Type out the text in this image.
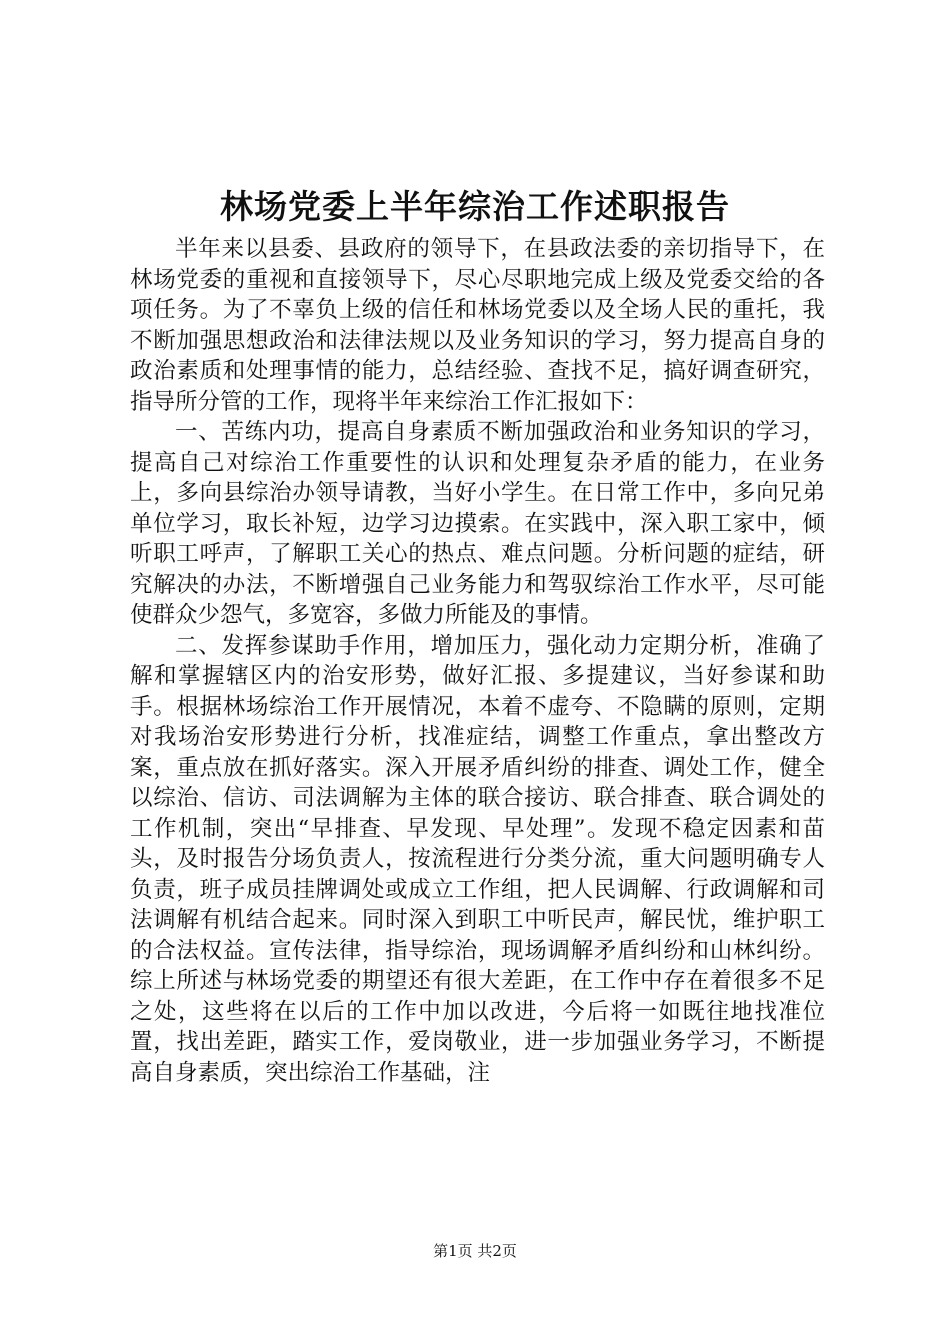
林场党委上半年综治工作述职报告

半年来以县委、县政府的领导下，在县政法委的亲切指导下，在林场党委的重视和直接领导下，尽心尽职地完成上级及党委交给的各项任务。为了不辜负上级的信任和林场党委以及全场人民的重托，我不断加强思想政治和法律法规以及业务知识的学习，努力提高自身的政治素质和处理事情的能力，总结经验、查找不足，搞好调查研究，指导所分管的工作，现将半年来综治工作汇报如下：

一、苦练内功，提高自身素质不断加强政治和业务知识的学习，提高自己对综治工作重要性的认识和处理复杂矛盾的能力，在业务上，多向县综治办领导请教，当好小学生。在日常工作中，多向兄弟单位学习，取长补短，边学习边摸索。在实践中，深入职工家中，倾听职工呼声，了解职工关心的热点、难点问题。分析问题的症结，研究解决的办法，不断增强自己业务能力和驾驭综治工作水平，尽可能使群众少怨气，多宽容，多做力所能及的事情。

二、发挥参谋助手作用，增加压力，强化动力定期分析，准确了解和掌握辖区内的治安形势，做好汇报、多提建议，当好参谋和助手。根据林场综治工作开展情况，本着不虚夸、不隐瞒的原则，定期对我场治安形势进行分析，找准症结，调整工作重点，拿出整改方案，重点放在抓好落实。深入开展矛盾纠纷的排查、调处工作，健全以综治、信访、司法调解为主体的联合接访、联合排查、联合调处的工作机制，突出“早排查、早发现、早处理”。发现不稳定因素和苗头，及时报告分场负责人，按流程进行分类分流，重大问题明确专人负责，班子成员挂牌调处或成立工作组，把人民调解、行政调解和司法调解有机结合起来。同时深入到职工中听民声，解民忧，维护职工的合法权益。宣传法律，指导综治，现场调解矛盾纠纷和山林纠纷。综上所述与林场党委的期望还有很大差距，在工作中存在着很多不足之处，这些将在以后的工作中加以改进，今后将一如既往地找准位置，找出差距，踏实工作，爱岗敬业，进一步加强业务学习，不断提高自身素质，突出综治工作基础，注

第1页 共2页
